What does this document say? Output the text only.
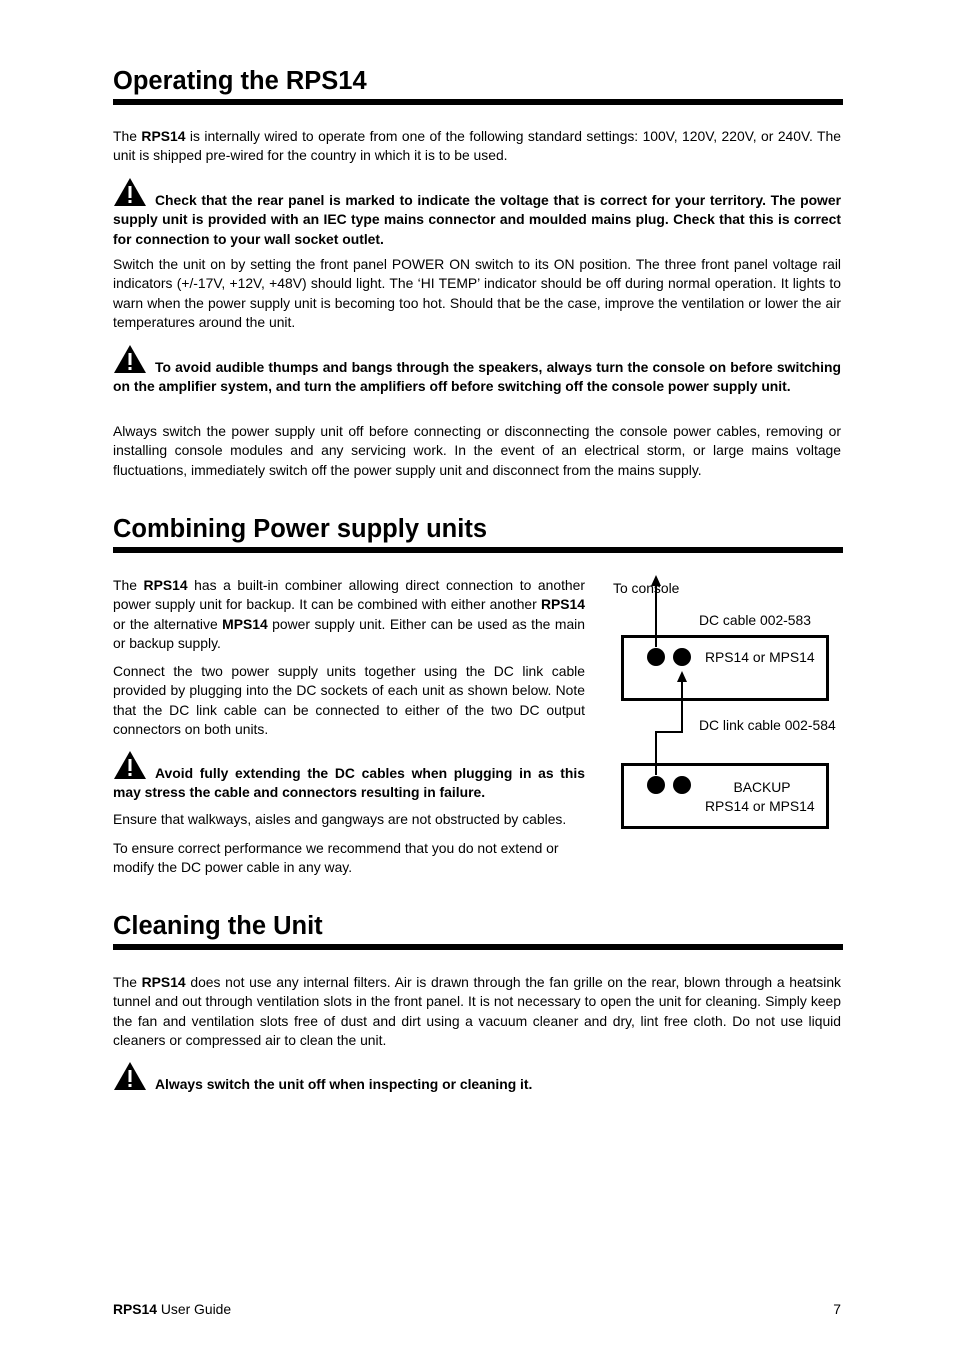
Operating the RPS14

The RPS14 is internally wired to operate from one of the following standard settings: 100V, 120V, 220V, or 240V. The unit is shipped pre-wired for the country in which it is to be used.

Check that the rear panel is marked to indicate the voltage that is correct for your territory. The power supply unit is provided with an IEC type mains connector and moulded mains plug. Check that this is correct for connection to your wall socket outlet.

Switch the unit on by setting the front panel POWER ON switch to its ON position. The three front panel voltage rail indicators (+/-17V, +12V, +48V) should light. The ‘HI TEMP’ indicator should be off during normal operation. It lights to warn when the power supply unit is becoming too hot. Should that be the case, improve the ventilation or lower the air temperatures around the unit.

To avoid audible thumps and bangs through the speakers, always turn the console on before switching on the amplifier system, and turn the amplifiers off before switching off the console power supply unit.

Always switch the power supply unit off before connecting or disconnecting the console power cables, removing or installing console modules and any servicing work. In the event of an electrical storm, or large mains voltage fluctuations, immediately switch off the power supply unit and disconnect from the mains supply.

Combining Power supply units

The RPS14 has a built-in combiner allowing direct connection to another power supply unit for backup. It can be combined with either another RPS14 or the alternative MPS14 power supply unit. Either can be used as the main or backup supply.

Connect the two power supply units together using the DC link cable provided by plugging into the DC sockets of each unit as shown below. Note that the DC link cable can be connected to either of the two DC output connectors on both units.

Avoid fully extending the DC cables when plugging in as this may stress the cable and connectors resulting in failure.

Ensure that walkways, aisles and gangways are not obstructed by cables.

To ensure correct performance we recommend that you do not extend or modify the DC power cable in any way.

To console
DC cable 002-583
RPS14 or MPS14
DC link cable 002-584
BACKUP
RPS14 or MPS14
Cleaning the Unit

The RPS14 does not use any internal filters. Air is drawn through the fan grille on the rear, blown through a heatsink tunnel and out through ventilation slots in the front panel. It is not necessary to open the unit for cleaning. Simply keep the fan and ventilation slots free of dust and dirt using a vacuum cleaner and dry, lint free cloth. Do not use liquid cleaners or compressed air to clean the unit.

Always switch the unit off when inspecting or cleaning it.

RPS14 User Guide	7
